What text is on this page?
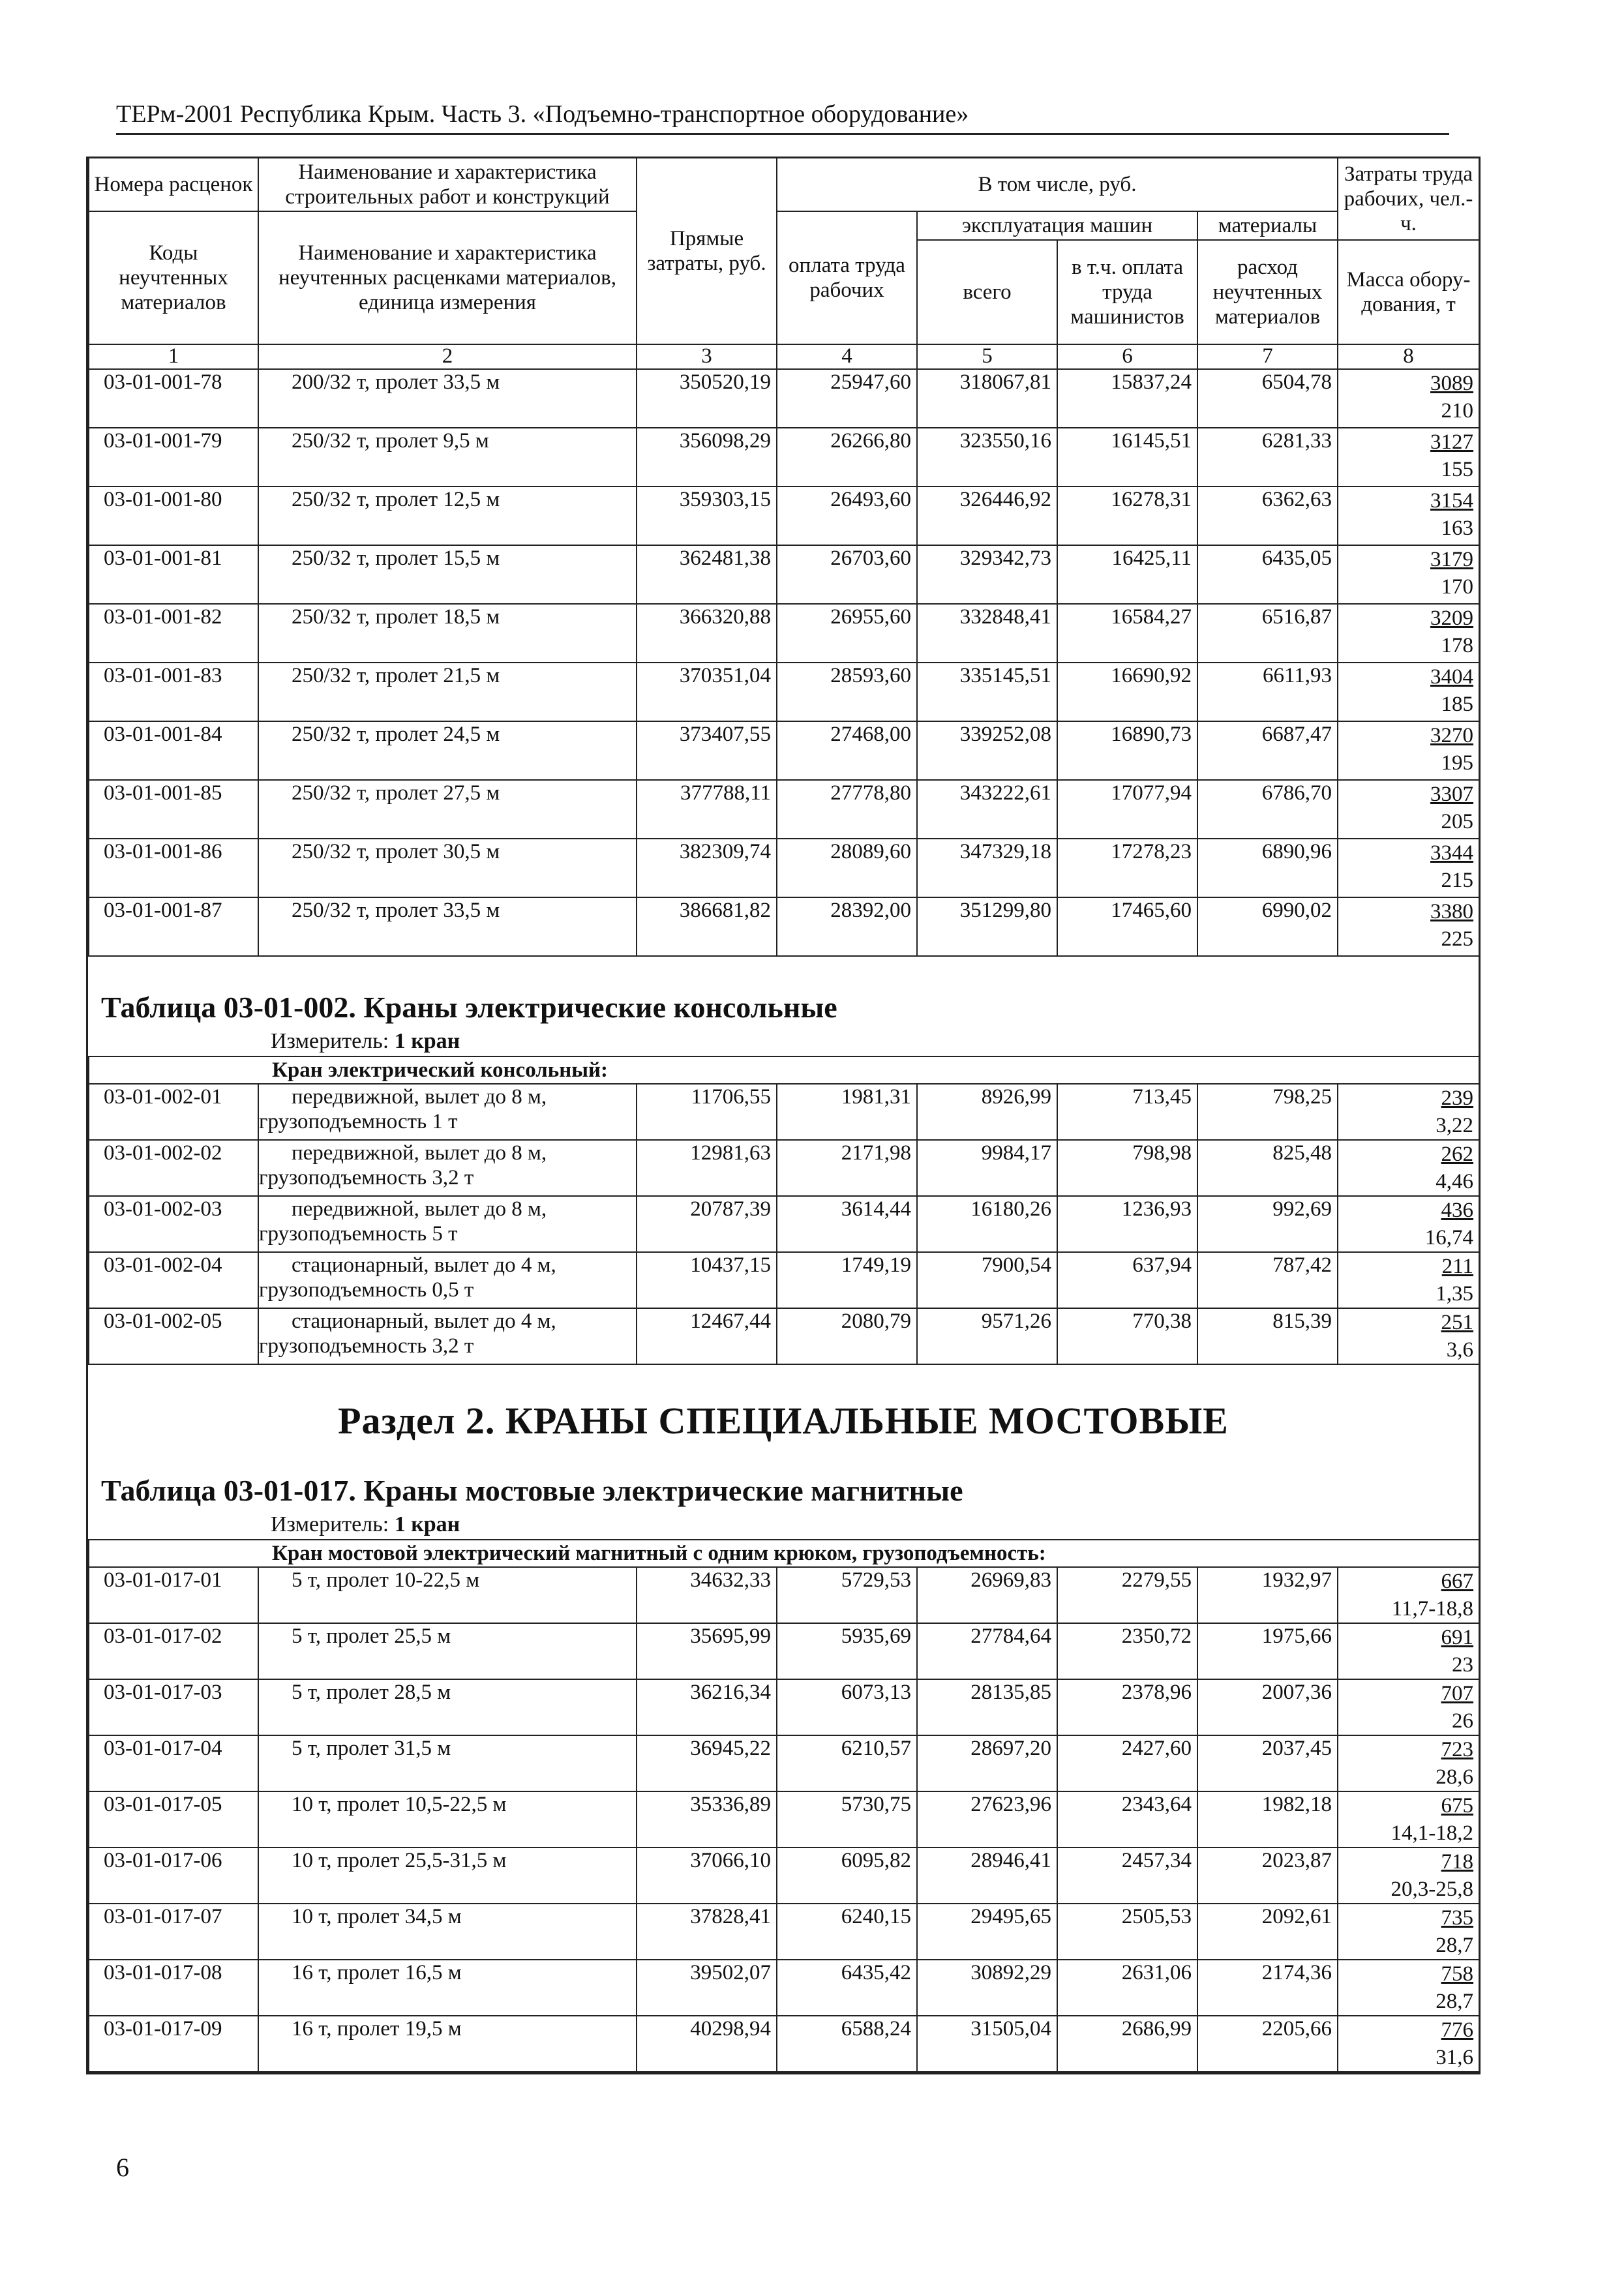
ТЕРм-2001 Республика Крым. Часть 3. «Подъемно-транспортное оборудование»
Номера расценок	Наименование и характеристика строительных работ и конструкций	Прямые затраты, руб.	В том числе, руб.				Затраты труда рабочих, чел.-ч.
Коды неучтенных материалов	Наименование и характеристика неучтенных расценками материалов, единица измерения		оплата труда рабочих	эксплуатация машин		материалы	
				всего	в т.ч. оплата труда машинистов	расход неучтенных материалов	Масса обору-дования, т
1	2	3	4	5	6	7	8
03-01-001-78	200/32 т, пролет 33,5 м	350520,19	25947,60	318067,81	15837,24	6504,78	3089
210

03-01-001-79	250/32 т, пролет 9,5 м	356098,29	26266,80	323550,16	16145,51	6281,33	3127
155

03-01-001-80	250/32 т, пролет 12,5 м	359303,15	26493,60	326446,92	16278,31	6362,63	3154
163

03-01-001-81	250/32 т, пролет 15,5 м	362481,38	26703,60	329342,73	16425,11	6435,05	3179
170

03-01-001-82	250/32 т, пролет 18,5 м	366320,88	26955,60	332848,41	16584,27	6516,87	3209
178

03-01-001-83	250/32 т, пролет 21,5 м	370351,04	28593,60	335145,51	16690,92	6611,93	3404
185

03-01-001-84	250/32 т, пролет 24,5 м	373407,55	27468,00	339252,08	16890,73	6687,47	3270
195

03-01-001-85	250/32 т, пролет 27,5 м	377788,11	27778,80	343222,61	17077,94	6786,70	3307
205

03-01-001-86	250/32 т, пролет 30,5 м	382309,74	28089,60	347329,18	17278,23	6890,96	3344
215

03-01-001-87	250/32 т, пролет 33,5 м	386681,82	28392,00	351299,80	17465,60	6990,02	3380
225
Таблица 03-01-002. Краны электрические консольные
Измеритель: 1 кран
Кран электрический консольный:							
03-01-002-01	передвижной, вылет до 8 м,
грузоподъемность 1 т	11706,55	1981,31	8926,99	713,45	798,25	239
3,22

03-01-002-02	передвижной, вылет до 8 м,
грузоподъемность 3,2 т	12981,63	2171,98	9984,17	798,98	825,48	262
4,46

03-01-002-03	передвижной, вылет до 8 м,
грузоподъемность 5 т	20787,39	3614,44	16180,26	1236,93	992,69	436
16,74

03-01-002-04	стационарный, вылет до 4 м,
грузоподъемность 0,5 т	10437,15	1749,19	7900,54	637,94	787,42	211
1,35

03-01-002-05	стационарный, вылет до 4 м,
грузоподъемность 3,2 т	12467,44	2080,79	9571,26	770,38	815,39	251
3,6
Раздел 2. КРАНЫ СПЕЦИАЛЬНЫЕ МОСТОВЫЕ
Таблица 03-01-017. Краны мостовые электрические магнитные
Измеритель: 1 кран
Кран мостовой электрический магнитный с одним крюком, грузоподъемность:							
03-01-017-01	5 т, пролет 10-22,5 м	34632,33	5729,53	26969,83	2279,55	1932,97	667
11,7-18,8

03-01-017-02	5 т, пролет 25,5 м	35695,99	5935,69	27784,64	2350,72	1975,66	691
23

03-01-017-03	5 т, пролет 28,5 м	36216,34	6073,13	28135,85	2378,96	2007,36	707
26

03-01-017-04	5 т, пролет 31,5 м	36945,22	6210,57	28697,20	2427,60	2037,45	723
28,6

03-01-017-05	10 т, пролет 10,5-22,5 м	35336,89	5730,75	27623,96	2343,64	1982,18	675
14,1-18,2

03-01-017-06	10 т, пролет 25,5-31,5 м	37066,10	6095,82	28946,41	2457,34	2023,87	718
20,3-25,8

03-01-017-07	10 т, пролет 34,5 м	37828,41	6240,15	29495,65	2505,53	2092,61	735
28,7

03-01-017-08	16 т, пролет 16,5 м	39502,07	6435,42	30892,29	2631,06	2174,36	758
28,7

03-01-017-09	16 т, пролет 19,5 м	40298,94	6588,24	31505,04	2686,99	2205,66	776
31,6
6
